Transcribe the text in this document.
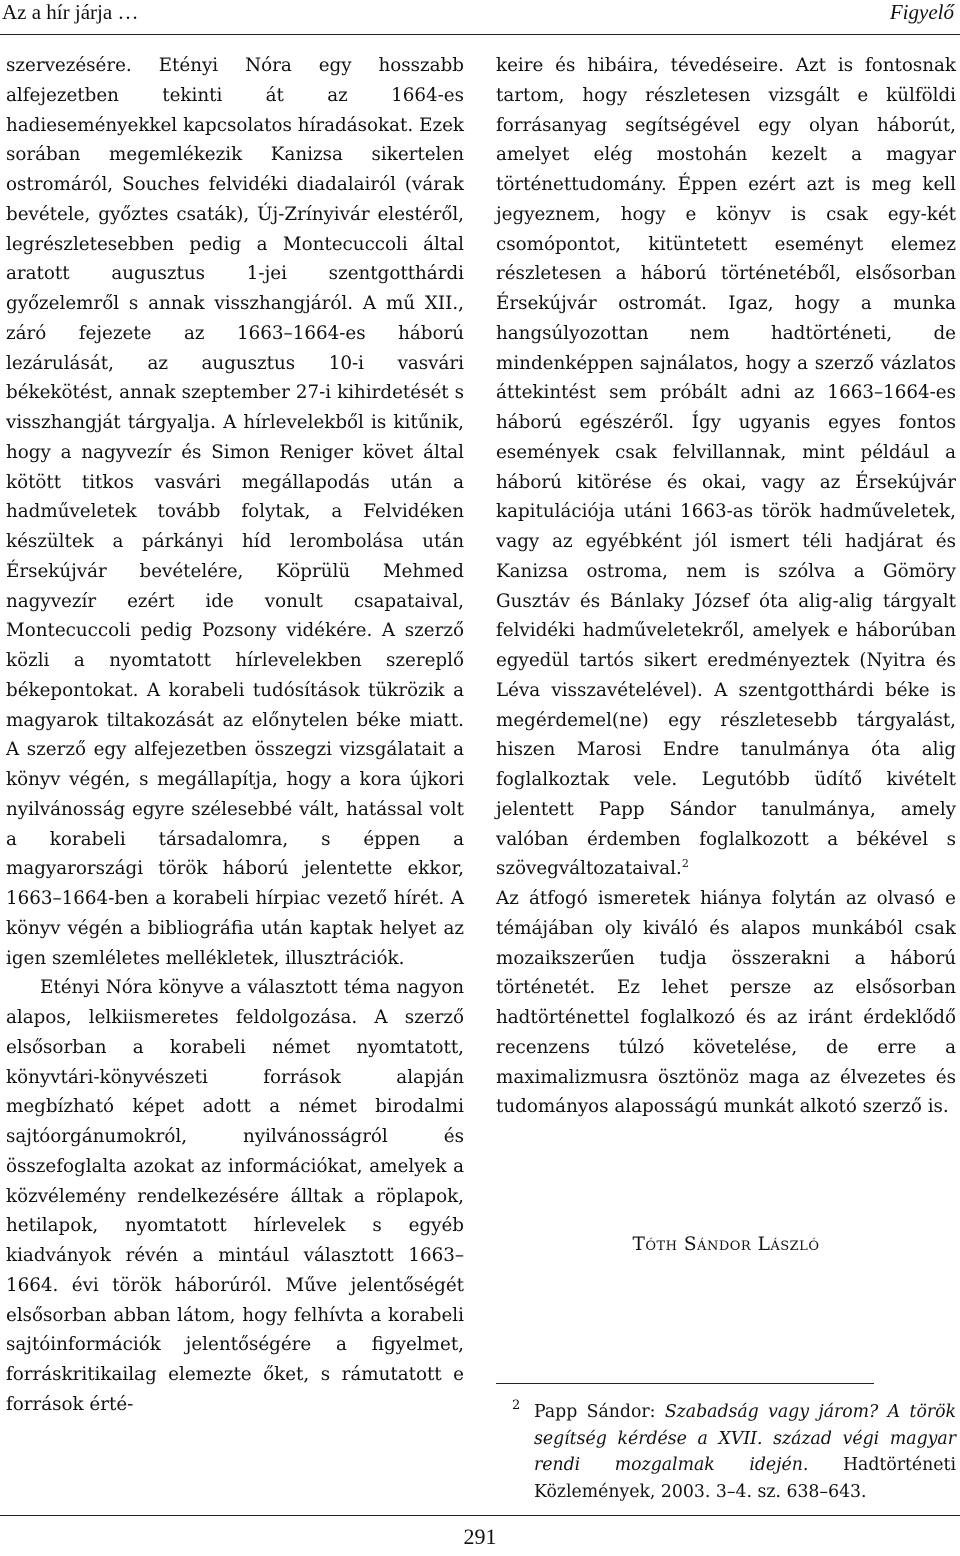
Az a hír járja …	Figyelő

szervezésére. Etényi Nóra egy hosszabb alfejezetben tekinti át az 1664-es hadieseményekkel kapcsolatos híradásokat. Ezek sorában megemlékezik Kanizsa sikertelen ostromáról, Souches felvidéki diadalairól (várak bevétele, győztes csaták), Új-Zrínyivár elestéről, legrészletesebben pedig a Montecuccoli által aratott augusztus 1-jei szentgotthárdi győzelemről s annak visszhangjáról. A mű XII., záró fejezete az 1663–1664-es háború lezárulását, az augusztus 10-i vasvári békekötést, annak szeptember 27-i kihirdetését s visszhangját tárgyalja. A hírlevelekből is kitűnik, hogy a nagyvezír és Simon Reniger követ által kötött titkos vasvári megállapodás után a hadműveletek tovább folytak, a Felvidéken készültek a párkányi híd lerombolása után Érsekújvár bevételére, Köprülü Mehmed nagyvezír ezért ide vonult csapataival, Montecuccoli pedig Pozsony vidékére. A szerző közli a nyomtatott hírlevelekben szereplő békepontokat. A korabeli tudósítások tükrözik a magyarok tiltakozását az előnytelen béke miatt. A szerző egy alfejezetben összegzi vizsgálatait a könyv végén, s megállapítja, hogy a kora újkori nyilvánosság egyre szélesebbé vált, hatással volt a korabeli társadalomra, s éppen a magyarországi török háború jelentette ekkor, 1663–1664-ben a korabeli hírpiac vezető hírét. A könyv végén a bibliográfia után kaptak helyet az igen szemléletes mellékletek, illusztrációk.

Etényi Nóra könyve a választott téma nagyon alapos, lelkiismeretes feldolgozása. A szerző elsősorban a korabeli német nyomtatott, könyvtári-könyvészeti források alapján megbízható képet adott a német birodalmi sajtóorgánumokról, nyilvánosságról és összefoglalta azokat az információkat, amelyek a közvélemény rendelkezésére álltak a röplapok, hetilapok, nyomtatott hírlevelek s egyéb kiadványok révén a mintául választott 1663–1664. évi török háborúról. Műve jelentőségét elsősorban abban látom, hogy felhívta a korabeli sajtóinformációk jelentőségére a figyelmet, forráskritikailag elemezte őket, s rámutatott e források érté-

keire és hibáira, tévedéseire. Azt is fontosnak tartom, hogy részletesen vizsgált e külföldi forrásanyag segítségével egy olyan háborút, amelyet elég mostohán kezelt a magyar történettudomány. Éppen ezért azt is meg kell jegyeznem, hogy e könyv is csak egy-két csomópontot, kitüntetett eseményt elemez részletesen a háború történetéből, elsősorban Érsekújvár ostromát. Igaz, hogy a munka hangsúlyozottan nem hadtörténeti, de mindenképpen sajnálatos, hogy a szerző vázlatos áttekintést sem próbált adni az 1663–1664-es háború egészéről. Így ugyanis egyes fontos események csak felvillannak, mint például a háború kitörése és okai, vagy az Érsekújvár kapitulációja utáni 1663-as török hadműveletek, vagy az egyébként jól ismert téli hadjárat és Kanizsa ostroma, nem is szólva a Gömöry Gusztáv és Bánlaky József óta alig-alig tárgyalt felvidéki hadműveletekről, amelyek e háborúban egyedül tartós sikert eredményeztek (Nyitra és Léva visszavételével). A szentgotthárdi béke is megérdemel(ne) egy részletesebb tárgyalást, hiszen Marosi Endre tanulmánya óta alig foglalkoztak vele. Legutóbb üdítő kivételt jelentett Papp Sándor tanulmánya, amely valóban érdemben foglalkozott a békével s szövegváltozataival.$^2$

Az átfogó ismeretek hiánya folytán az olvasó e témájában oly kiváló és alapos munkából csak mozaikszerűen tudja összerakni a háború történetét. Ez lehet persze az elsősorban hadtörténettel foglalkozó és az iránt érdeklődő recenzens túlzó követelése, de erre a maximalizmusra ösztönöz maga az élvezetes és tudományos alaposságú munkát alkotó szerző is.

Tóth Sándor László
2 Papp Sándor: Szabadság vagy járom? A török segítség kérdése a XVII. század végi magyar rendi mozgalmak idején. Hadtörténeti Közlemények, 2003. 3–4. sz. 638–643.
291
